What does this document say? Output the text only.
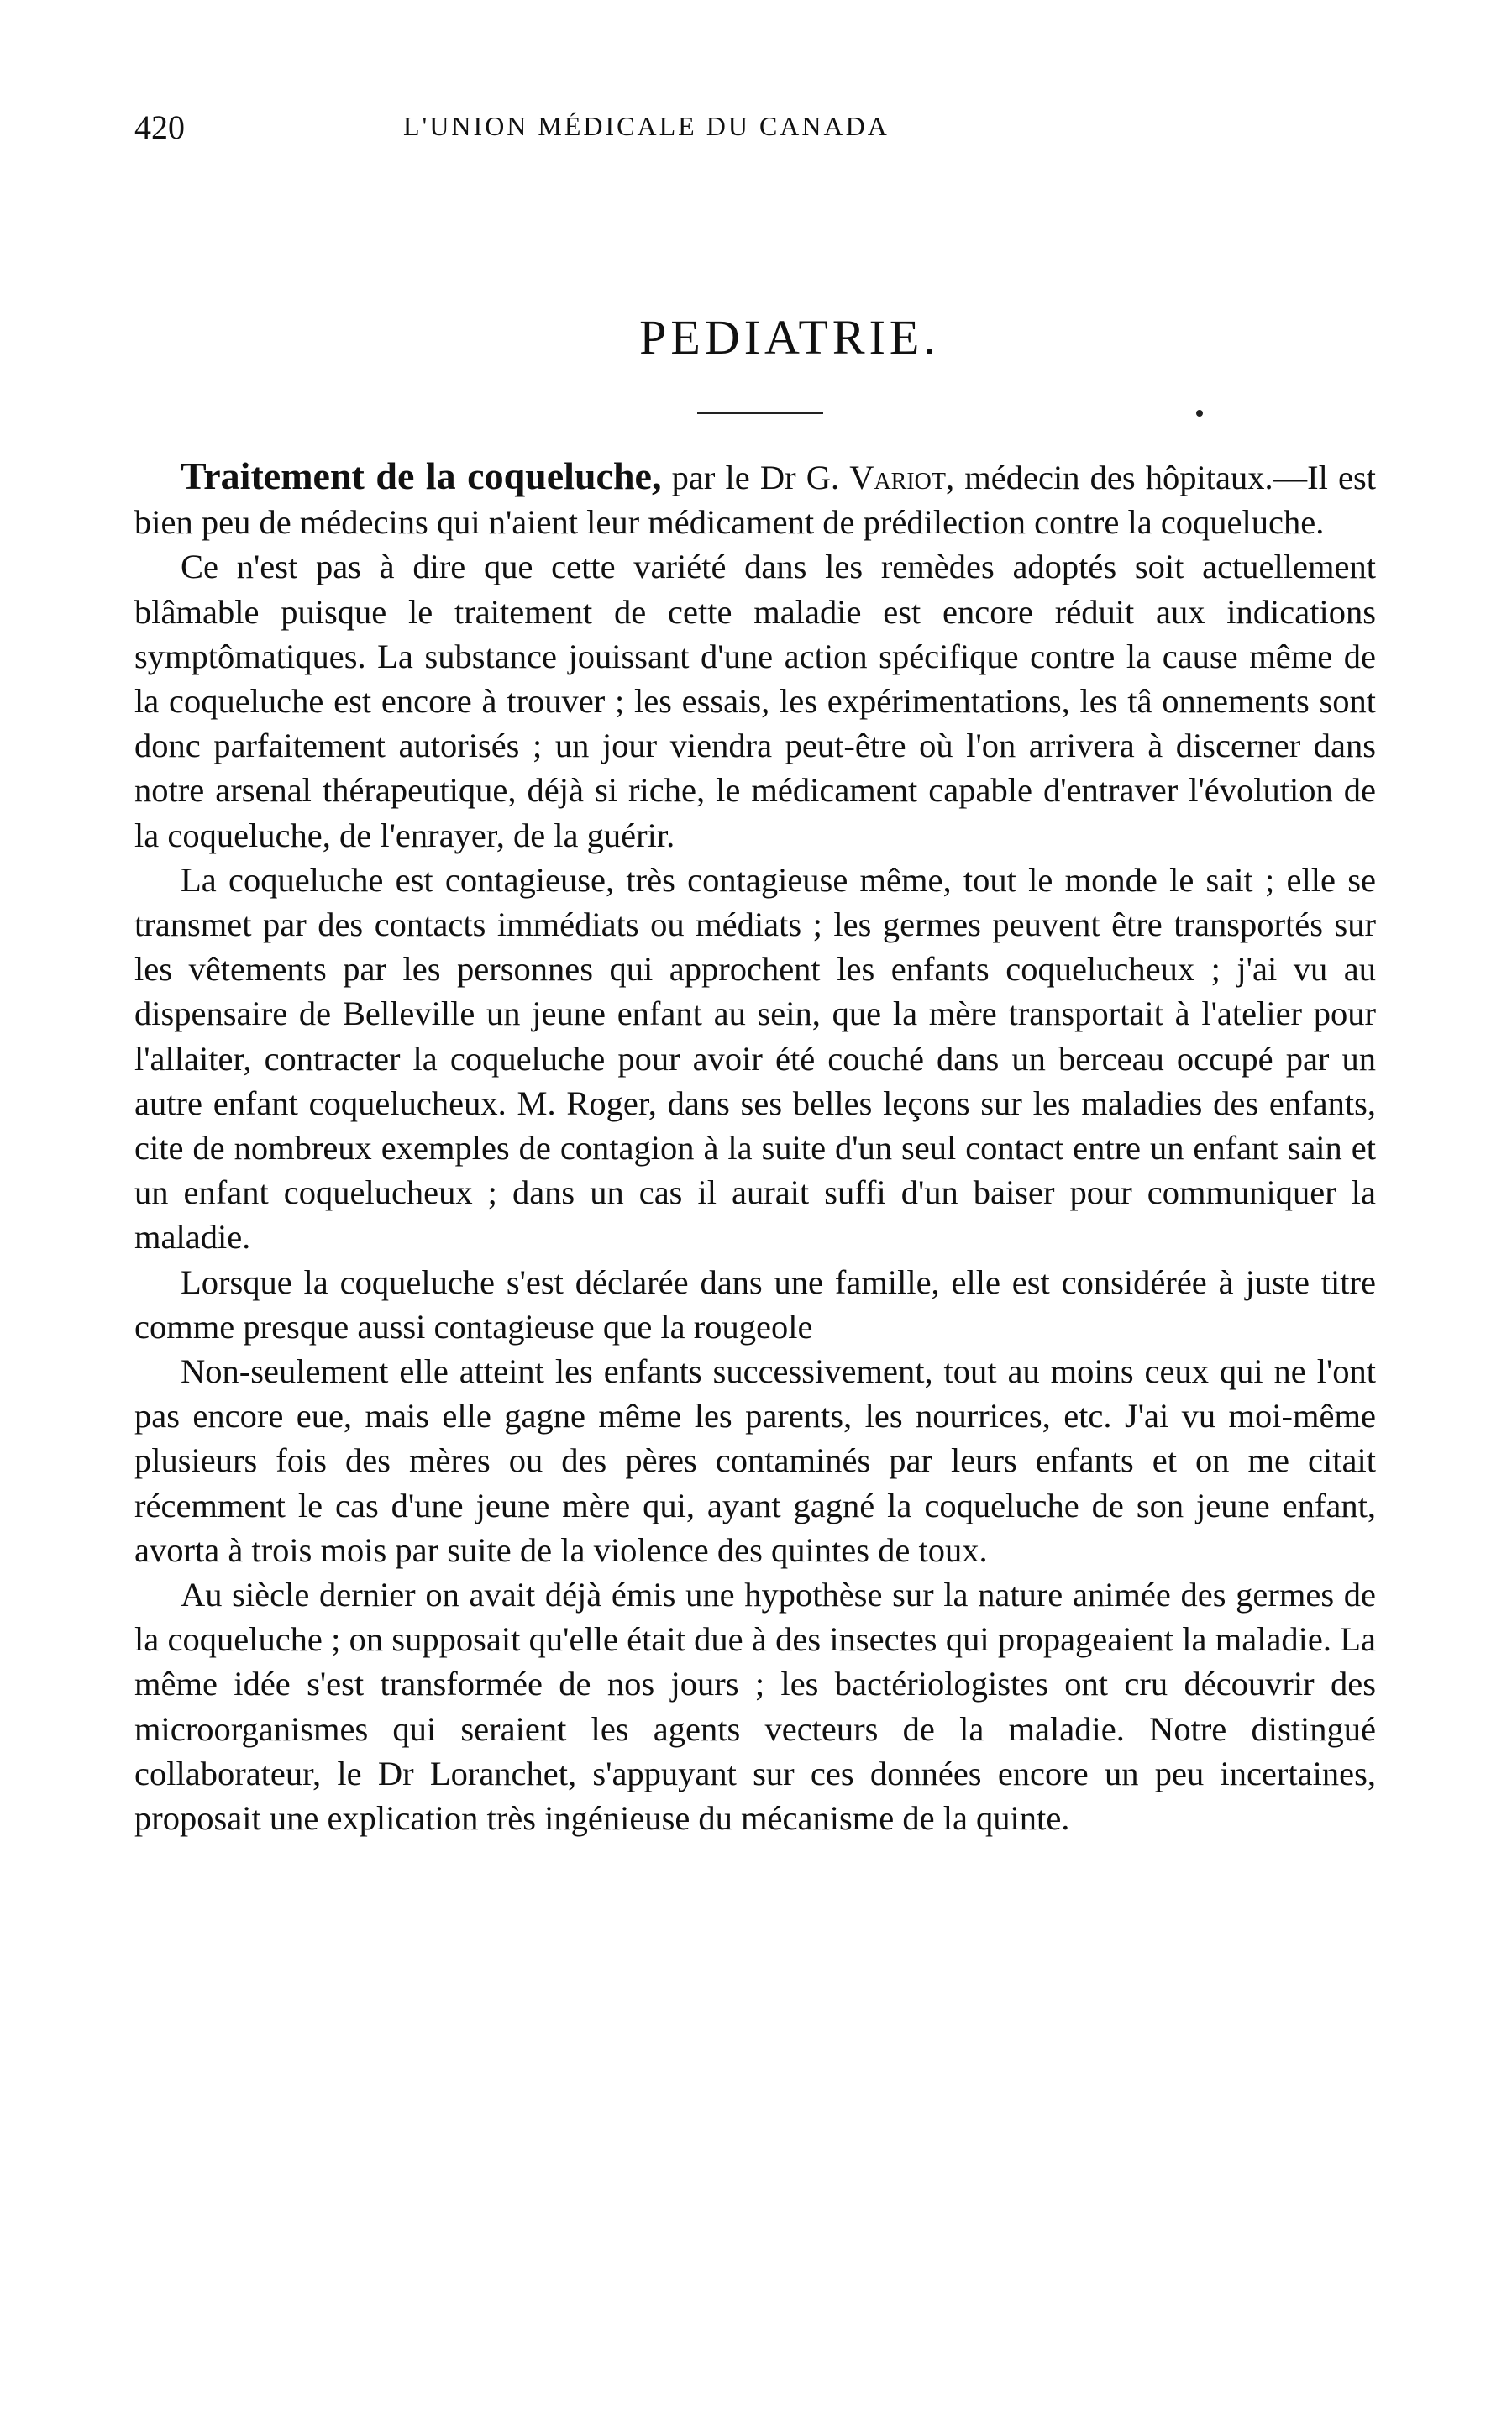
420	L'UNION MÉDICALE DU CANADA
PEDIATRIE.

Traitement de la coqueluche, par le Dr G. Variot, médecin des hôpitaux.—Il est bien peu de médecins qui n'aient leur médicament de prédilection contre la coqueluche.

Ce n'est pas à dire que cette variété dans les remèdes adoptés soit actuellement blâmable puisque le traitement de cette maladie est encore réduit aux indications symptômatiques. La substance jouissant d'une action spécifique contre la cause même de la coqueluche est encore à trouver ; les essais, les expérimentations, les tâ onnements sont donc parfaitement autorisés ; un jour viendra peut-être où l'on arrivera à discerner dans notre arsenal thérapeutique, déjà si riche, le médicament capable d'entraver l'évolution de la coqueluche, de l'enrayer, de la guérir.

La coqueluche est contagieuse, très contagieuse même, tout le monde le sait ; elle se transmet par des contacts immédiats ou médiats ; les germes peuvent être transportés sur les vêtements par les personnes qui approchent les enfants coquelucheux ; j'ai vu au dispensaire de Belleville un jeune enfant au sein, que la mère transportait à l'atelier pour l'allaiter, contracter la coqueluche pour avoir été couché dans un berceau occupé par un autre enfant coquelucheux. M. Roger, dans ses belles leçons sur les maladies des enfants, cite de nombreux exemples de contagion à la suite d'un seul contact entre un enfant sain et un enfant coquelucheux ; dans un cas il aurait suffi d'un baiser pour communiquer la maladie.

Lorsque la coqueluche s'est déclarée dans une famille, elle est considérée à juste titre comme presque aussi contagieuse que la rougeole

Non-seulement elle atteint les enfants successivement, tout au moins ceux qui ne l'ont pas encore eue, mais elle gagne même les parents, les nourrices, etc. J'ai vu moi-même plusieurs fois des mères ou des pères contaminés par leurs enfants et on me citait récemment le cas d'une jeune mère qui, ayant gagné la coqueluche de son jeune enfant, avorta à trois mois par suite de la violence des quintes de toux.

Au siècle dernier on avait déjà émis une hypothèse sur la nature animée des germes de la coqueluche ; on supposait qu'elle était due à des insectes qui propageaient la maladie. La même idée s'est transformée de nos jours ; les bactériologistes ont cru découvrir des microorganismes qui seraient les agents vecteurs de la maladie. Notre distingué collaborateur, le Dr Loranchet, s'appuyant sur ces données encore un peu incertaines, proposait une explication très ingénieuse du mécanisme de la quinte.
